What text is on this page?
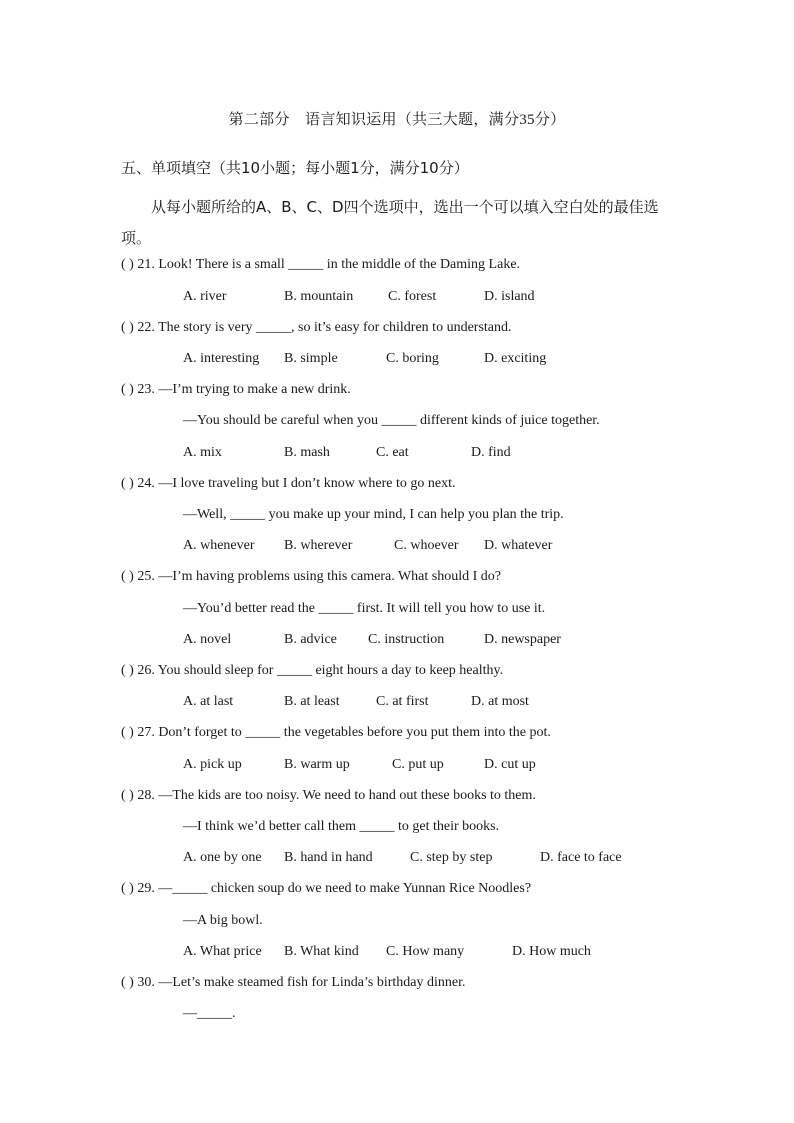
第二部分　语言知识运用（共三大题，满分35分）
五、单项填空（共10小题；每小题1分，满分10分）
从每小题所给的A、B、C、D四个选项中，选出一个可以填入空白处的最佳选项。
( ) 21. Look! There is a small _____ in the middle of the Daming Lake.
A. river	B. mountain C. forest	D. island
( ) 22. The story is very _____, so it’s easy for children to understand.
A. interesting B. simple	C. boring	D. exciting
( ) 23. —I’m trying to make a new drink.
—You should be careful when you _____ different kinds of juice together.
A. mix	B. mash	C. eat	D. find
( ) 24. —I love traveling but I don’t know where to go next.
—Well, _____ you make up your mind, I can help you plan the trip.
A. whenever B. wherever	C. whoever D. whatever
( ) 25. —I’m having problems using this camera. What should I do?
—You’d better read the _____ first. It will tell you how to use it.
A. novel	B. advice C. instruction	D. newspaper
( ) 26. You should sleep for _____ eight hours a day to keep healthy.
A. at last	B. at least	C. at first	D. at most
( ) 27. Don’t forget to _____ the vegetables before you put them into the pot.
A. pick up	B. warm up	C. put up	D. cut up
( ) 28. —The kids are too noisy. We need to hand out these books to them.
—I think we’d better call them _____ to get their books.
A. one by one B. hand in hand	C. step by step	D. face to face
( ) 29. —_____ chicken soup do we need to make Yunnan Rice Noodles?
—A big bowl.
A. What price B. What kind C. How many	D. How much
( ) 30. —Let’s make steamed fish for Linda’s birthday dinner.
—_____.
